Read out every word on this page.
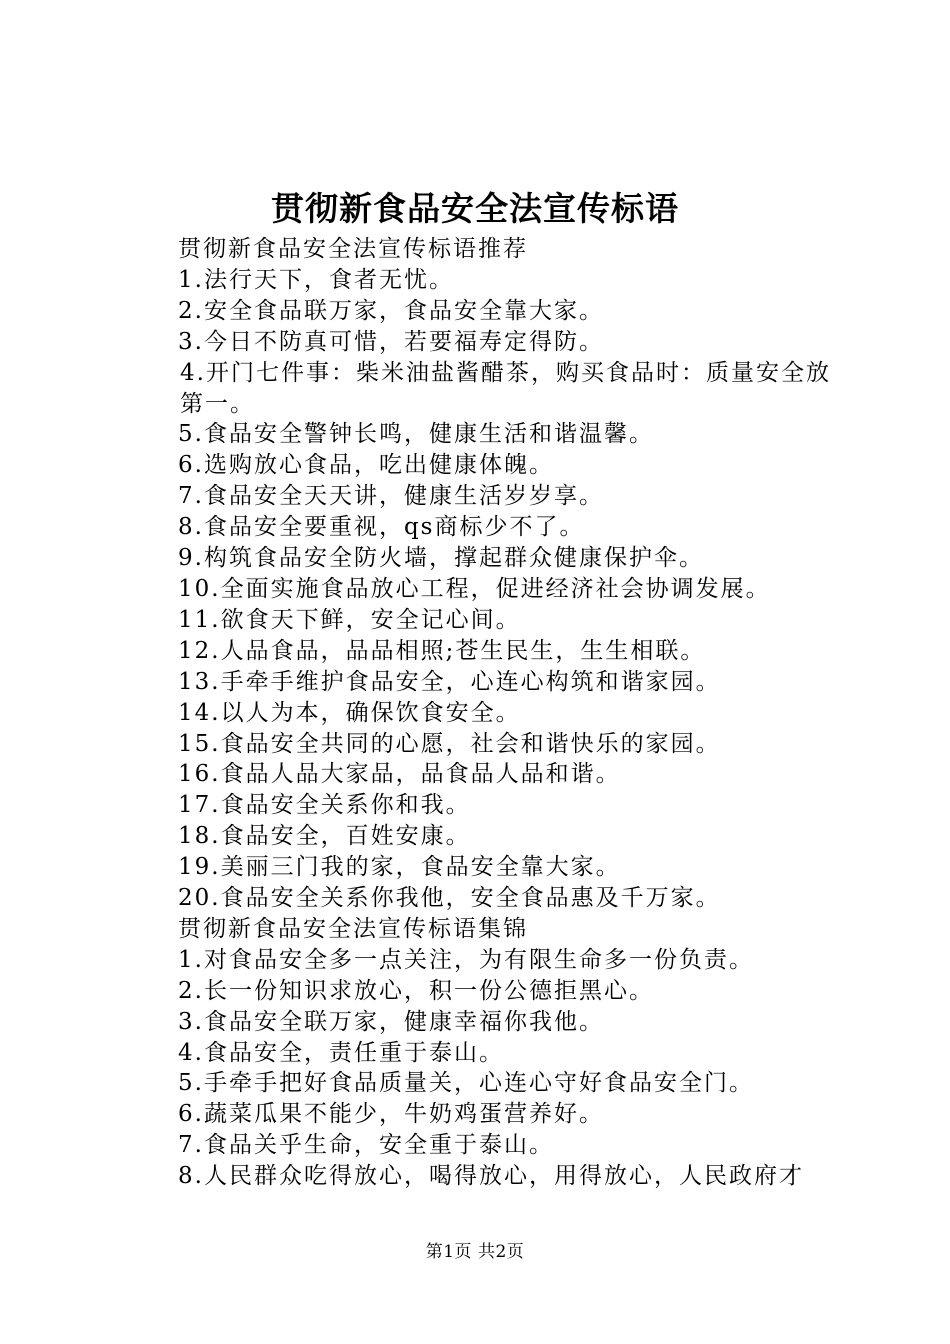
贯彻新食品安全法宣传标语
贯彻新食品安全法宣传标语推荐
1.法行天下，食者无忧。
2.安全食品联万家，食品安全靠大家。
3.今日不防真可惜，若要福寿定得防。
4.开门七件事：柴米油盐酱醋茶，购买食品时：质量安全放第一。
5.食品安全警钟长鸣，健康生活和谐温馨。
6.选购放心食品，吃出健康体魄。
7.食品安全天天讲，健康生活岁岁享。
8.食品安全要重视，qs商标少不了。
9.构筑食品安全防火墙，撑起群众健康保护伞。
10.全面实施食品放心工程，促进经济社会协调发展。
11.欲食天下鲜，安全记心间。
12.人品食品，品品相照;苍生民生，生生相联。
13.手牵手维护食品安全，心连心构筑和谐家园。
14.以人为本，确保饮食安全。
15.食品安全共同的心愿，社会和谐快乐的家园。
16.食品人品大家品，品食品人品和谐。
17.食品安全关系你和我。
18.食品安全，百姓安康。
19.美丽三门我的家，食品安全靠大家。
20.食品安全关系你我他，安全食品惠及千万家。
贯彻新食品安全法宣传标语集锦
1.对食品安全多一点关注，为有限生命多一份负责。
2.长一份知识求放心，积一份公德拒黑心。
3.食品安全联万家，健康幸福你我他。
4.食品安全，责任重于泰山。
5.手牵手把好食品质量关，心连心守好食品安全门。
6.蔬菜瓜果不能少，牛奶鸡蛋营养好。
7.食品关乎生命，安全重于泰山。
8.人民群众吃得放心，喝得放心，用得放心，人民政府才
第1页 共2页
